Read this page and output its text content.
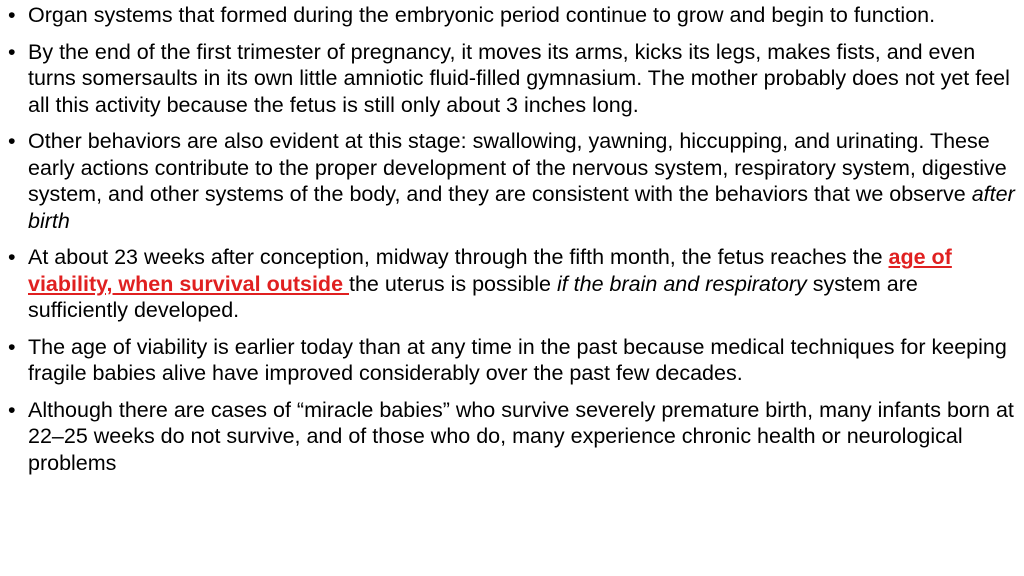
• Organ systems that formed during the embryonic period continue to grow and begin to function.
• By the end of the first trimester of pregnancy, it moves its arms, kicks its legs, makes fists, and even turns somersaults in its own little amniotic fluid-filled gymnasium. The mother probably does not yet feel all this activity because the fetus is still only about 3 inches long.
• Other behaviors are also evident at this stage: swallowing, yawning, hiccupping, and urinating. These early actions contribute to the proper development of the nervous system, respiratory system, digestive system, and other systems of the body, and they are consistent with the behaviors that we observe after birth
• At about 23 weeks after conception, midway through the fifth month, the fetus reaches the age of viability, when survival outside the uterus is possible if the brain and respiratory system are sufficiently developed.
• The age of viability is earlier today than at any time in the past because medical techniques for keeping fragile babies alive have improved considerably over the past few decades.
• Although there are cases of “miracle babies” who survive severely premature birth, many infants born at 22–25 weeks do not survive, and of those who do, many experience chronic health or neurological problems
